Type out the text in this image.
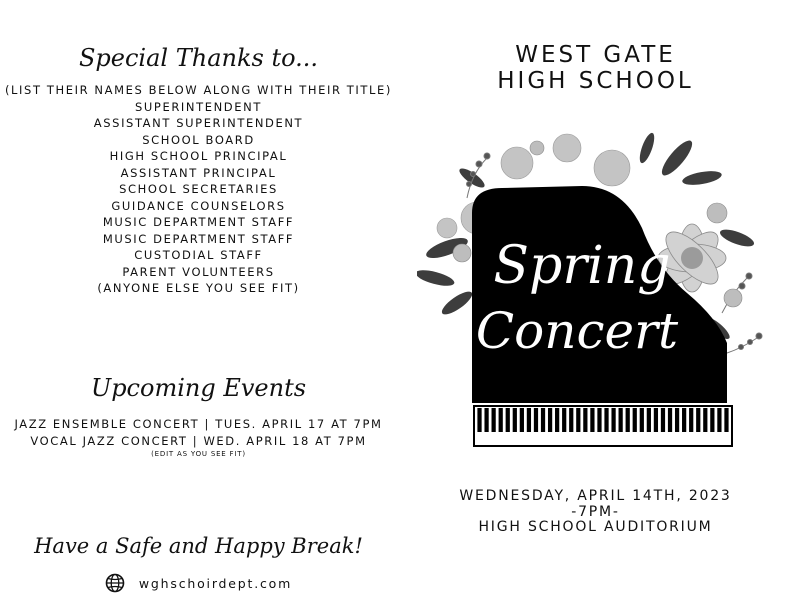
Special Thanks to...
(LIST THEIR NAMES BELOW ALONG WITH THEIR TITLE)
SUPERINTENDENT
ASSISTANT SUPERINTENDENT
SCHOOL BOARD
HIGH SCHOOL PRINCIPAL
ASSISTANT PRINCIPAL
SCHOOL SECRETARIES
GUIDANCE COUNSELORS
MUSIC DEPARTMENT STAFF
MUSIC DEPARTMENT STAFF
CUSTODIAL STAFF
PARENT VOLUNTEERS
(ANYONE ELSE YOU SEE FIT)
Upcoming Events
JAZZ ENSEMBLE CONCERT | TUES. APRIL 17 AT 7PM
VOCAL JAZZ CONCERT | WED. APRIL 18 AT 7PM
(EDIT AS YOU SEE FIT)
Have a Safe and Happy Break!
wghschoirdept.com
WEST GATE
HIGH SCHOOL
Spring
Concert
WEDNESDAY, APRIL 14TH, 2023
-7PM-
HIGH SCHOOL AUDITORIUM
